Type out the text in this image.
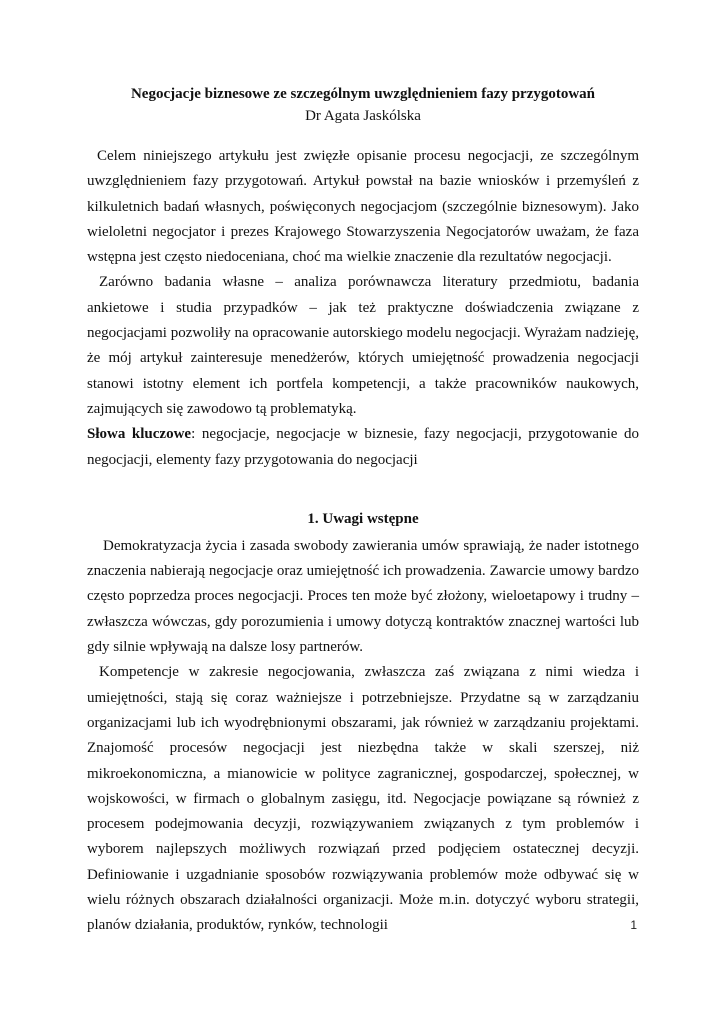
Negocjacje biznesowe ze szczególnym uwzględnieniem fazy przygotowań
Dr Agata Jaskólska

Celem niniejszego artykułu jest zwięzłe opisanie procesu negocjacji, ze szczególnym uwzględnieniem fazy przygotowań. Artykuł powstał na bazie wniosków i przemyśleń z kilkuletnich badań własnych, poświęconych negocjacjom (szczególnie biznesowym). Jako wieloletni negocjator i prezes Krajowego Stowarzyszenia Negocjatorów uważam, że faza wstępna jest często niedoceniana, choć ma wielkie znaczenie dla rezultatów negocjacji.

Zarówno badania własne – analiza porównawcza literatury przedmiotu, badania ankietowe i studia przypadków – jak też praktyczne doświadczenia związane z negocjacjami pozwoliły na opracowanie autorskiego modelu negocjacji. Wyrażam nadzieję, że mój artykuł zainteresuje menedżerów, których umiejętność prowadzenia negocjacji stanowi istotny element ich portfela kompetencji, a także pracowników naukowych, zajmujących się zawodowo tą problematyką.

Słowa kluczowe: negocjacje, negocjacje w biznesie, fazy negocjacji, przygotowanie do negocjacji, elementy fazy przygotowania do negocjacji

1. Uwagi wstępne

Demokratyzacja życia i zasada swobody zawierania umów sprawiają, że nader istotnego znaczenia nabierają negocjacje oraz umiejętność ich prowadzenia. Zawarcie umowy bardzo często poprzedza proces negocjacji. Proces ten może być złożony, wieloetapowy i trudny – zwłaszcza wówczas, gdy porozumienia i umowy dotyczą kontraktów znacznej wartości lub gdy silnie wpływają na dalsze losy partnerów.

Kompetencje w zakresie negocjowania, zwłaszcza zaś związana z nimi wiedza i umiejętności, stają się coraz ważniejsze i potrzebniejsze. Przydatne są w zarządzaniu organizacjami lub ich wyodrębnionymi obszarami, jak również w zarządzaniu projektami. Znajomość procesów negocjacji jest niezbędna także w skali szerszej, niż mikroekonomiczna, a mianowicie w polityce zagranicznej, gospodarczej, społecznej, w wojskowości, w firmach o globalnym zasięgu, itd. Negocjacje powiązane są również z procesem podejmowania decyzji, rozwiązywaniem związanych z tym problemów i wyborem najlepszych możliwych rozwiązań przed podjęciem ostatecznej decyzji. Definiowanie i uzgadnianie sposobów rozwiązywania problemów może odbywać się w wielu różnych obszarach działalności organizacji. Może m.in. dotyczyć wyboru strategii, planów działania, produktów, rynków, technologii	1
